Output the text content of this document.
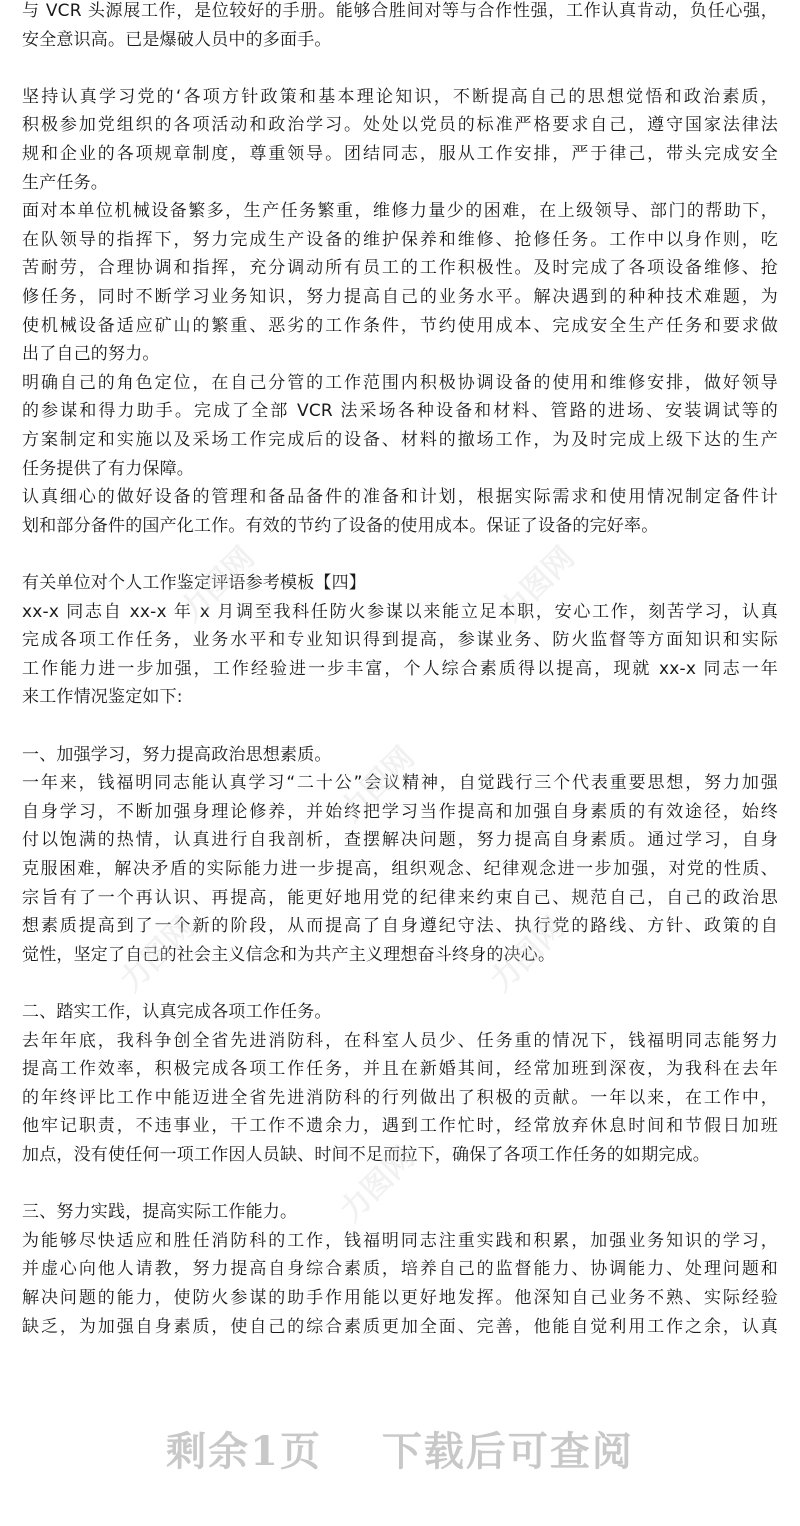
与 VCR 头源展工作，是位较好的手册。能够合胜间对等与合作性强，工作认真肯动，负任心强，
安全意识高。已是爆破人员中的多面手。
坚持认真学习党的‘各项方针政策和基本理论知识，不断提高自己的思想觉悟和政治素质，
积极参加党组织的各项活动和政治学习。处处以党员的标准严格要求自己，遵守国家法律法
规和企业的各项规章制度，尊重领导。团结同志，服从工作安排，严于律己，带头完成安全
生产任务。
面对本单位机械设备繁多，生产任务繁重，维修力量少的困难，在上级领导、部门的帮助下，
在队领导的指挥下，努力完成生产设备的维护保养和维修、抢修任务。工作中以身作则，吃
苦耐劳，合理协调和指挥，充分调动所有员工的工作积极性。及时完成了各项设备维修、抢
修任务，同时不断学习业务知识，努力提高自己的业务水平。解决遇到的种种技术难题，为
使机械设备适应矿山的繁重、恶劣的工作条件，节约使用成本、完成安全生产任务和要求做
出了自己的努力。
明确自己的角色定位，在自己分管的工作范围内积极协调设备的使用和维修安排，做好领导
的参谋和得力助手。完成了全部 VCR 法采场各种设备和材料、管路的进场、安装调试等的
方案制定和实施以及采场工作完成后的设备、材料的撤场工作，为及时完成上级下达的生产
任务提供了有力保障。
认真细心的做好设备的管理和备品备件的准备和计划，根据实际需求和使用情况制定备件计
划和部分备件的国产化工作。有效的节约了设备的使用成本。保证了设备的完好率。
有关单位对个人工作鉴定评语参考模板【四】
xx-x 同志自 xx-x 年 x 月调至我科任防火参谋以来能立足本职，安心工作，刻苦学习，认真
完成各项工作任务，业务水平和专业知识得到提高，参谋业务、防火监督等方面知识和实际
工作能力进一步加强，工作经验进一步丰富，个人综合素质得以提高，现就 xx-x 同志一年
来工作情况鉴定如下:
一、加强学习，努力提高政治思想素质。
一年来，钱福明同志能认真学习“二十公”会议精神，自觉践行三个代表重要思想，努力加强
自身学习，不断加强身理论修养，并始终把学习当作提高和加强自身素质的有效途径，始终
付以饱满的热情，认真进行自我剖析，查摆解决问题，努力提高自身素质。通过学习，自身
克服困难，解决矛盾的实际能力进一步提高，组织观念、纪律观念进一步加强，对党的性质、
宗旨有了一个再认识、再提高，能更好地用党的纪律来约束自己、规范自己，自己的政治思
想素质提高到了一个新的阶段，从而提高了自身遵纪守法、执行党的路线、方针、政策的自
觉性，坚定了自己的社会主义信念和为共产主义理想奋斗终身的决心。
二、踏实工作，认真完成各项工作任务。
去年年底，我科争创全省先进消防科，在科室人员少、任务重的情况下，钱福明同志能努力
提高工作效率，积极完成各项工作任务，并且在新婚其间，经常加班到深夜，为我科在去年
的年终评比工作中能迈进全省先进消防科的行列做出了积极的贡献。一年以来，在工作中，
他牢记职责，不违事业，干工作不遗余力，遇到工作忙时，经常放弃休息时间和节假日加班
加点，没有使任何一项工作因人员缺、时间不足而拉下，确保了各项工作任务的如期完成。
三、努力实践，提高实际工作能力。
为能够尽快适应和胜任消防科的工作，钱福明同志注重实践和积累，加强业务知识的学习，
并虚心向他人请教，努力提高自身综合素质，培养自己的监督能力、协调能力、处理问题和
解决问题的能力，使防火参谋的助手作用能以更好地发挥。他深知自己业务不熟、实际经验
缺乏，为加强自身素质，使自己的综合素质更加全面、完善，他能自觉利用工作之余，认真
力图网	力图网
力图网
力图网	力图网
力图网
剩余1页 下载后可查阅
